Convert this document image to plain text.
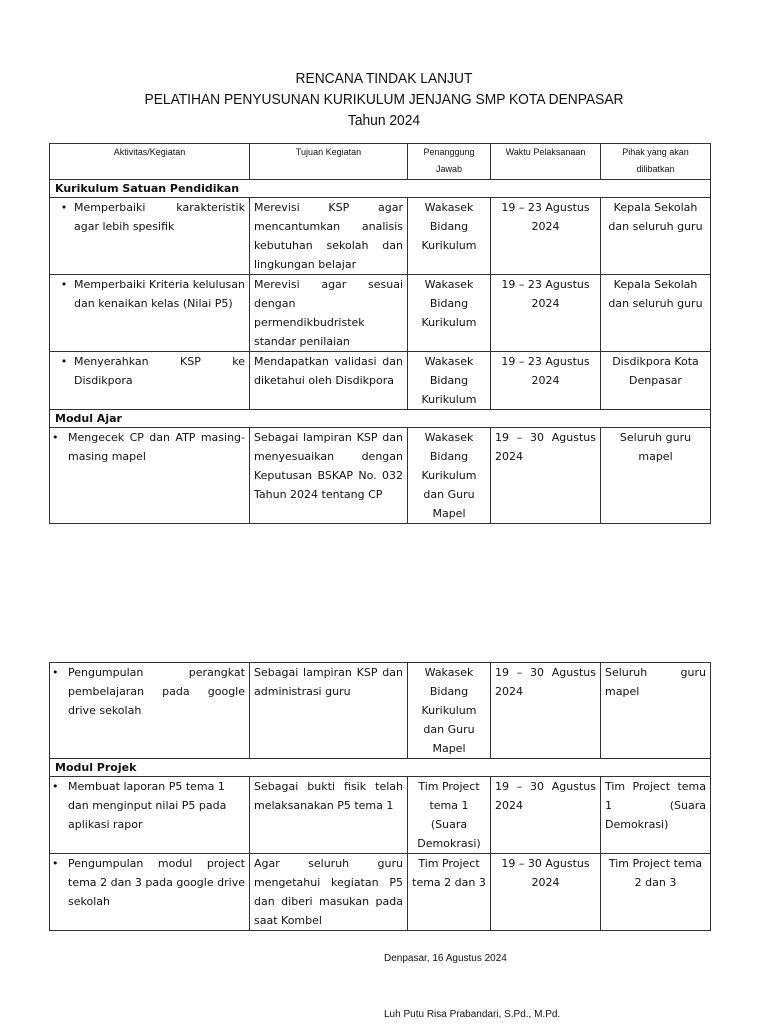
RENCANA TINDAK LANJUT
PELATIHAN PENYUSUNAN KURIKULUM JENJANG SMP KOTA DENPASAR
Tahun 2024
Aktivitas/Kegiatan	Tujuan Kegiatan	Penanggung Jawab	Waktu Pelaksanaan	Pihak yang akan dilibatkan
Kurikulum Satuan Pendidikan				

• Memperbaiki karakteristik agar lebih spesifik	Merevisi KSP agar mencantumkan analisis kebutuhan sekolah dan lingkungan belajar	Wakasek Bidang Kurikulum	19 – 23 Agustus 2024	Kepala Sekolah dan seluruh guru

• Memperbaiki Kriteria kelulusan dan kenaikan kelas (Nilai P5)	Merevisi agar sesuai dengan permendikbudristek standar penilaian	Wakasek Bidang Kurikulum	19 – 23 Agustus 2024	Kepala Sekolah dan seluruh guru

• Menyerahkan KSP ke Disdikpora	Mendapatkan validasi dan diketahui oleh Disdikpora	Wakasek Bidang Kurikulum	19 – 23 Agustus 2024	Disdikpora Kota Denpasar
Modul Ajar				

• Mengecek CP dan ATP masing-masing mapel	Sebagai lampiran KSP dan menyesuaikan dengan Keputusan BSKAP No. 032 Tahun 2024 tentang CP	Wakasek Bidang Kurikulum dan Guru Mapel	19 – 30 Agustus 2024	Seluruh guru mapel
• Pengumpulan perangkat pembelajaran pada google drive sekolah	Sebagai lampiran KSP dan administrasi guru	Wakasek Bidang Kurikulum dan Guru Mapel	19 – 30 Agustus 2024	Seluruh guru mapel
Modul Projek				

• Membuat laporan P5 tema 1 dan menginput nilai P5 pada aplikasi rapor	Sebagai bukti fisik telah melaksanakan P5 tema 1	Tim Project tema 1 (Suara Demokrasi)	19 – 30 Agustus 2024	Tim Project tema 1 (Suara Demokrasi)

• Pengumpulan modul project tema 2 dan 3 pada google drive sekolah	Agar seluruh guru mengetahui kegiatan P5 dan diberi masukan pada saat Kombel	Tim Project tema 2 dan 3	19 – 30 Agustus 2024	Tim Project tema 2 dan 3
Denpasar, 16 Agustus 2024
Luh Putu Risa Prabandari, S.Pd., M.Pd.
